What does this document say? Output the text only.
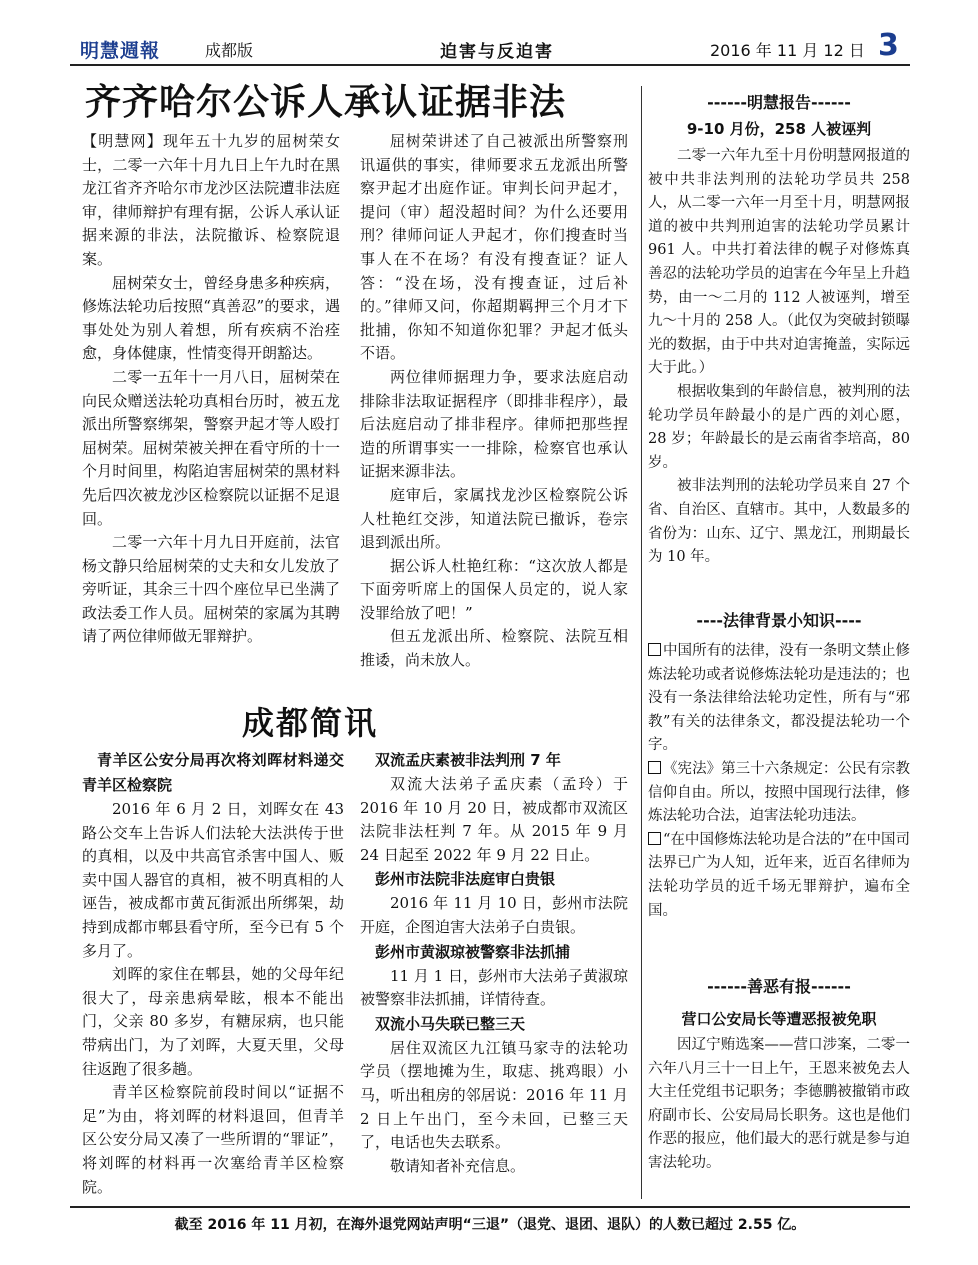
明慧週報	成都版	迫害与反迫害	2016 年 11 月 12 日 3
齐齐哈尔公诉人承认证据非法

【明慧网】现年五十九岁的屈树荣女士，二零一六年十月九日上午九时在黑龙江省齐齐哈尔市龙沙区法院遭非法庭审，律师辩护有理有据，公诉人承认证据来源的非法，法院撤诉、检察院退案。

屈树荣女士，曾经身患多种疾病，修炼法轮功后按照“真善忍”的要求，遇事处处为别人着想，所有疾病不治痊愈，身体健康，性情变得开朗豁达。

二零一五年十一月八日，屈树荣在向民众赠送法轮功真相台历时，被五龙派出所警察绑架，警察尹起才等人殴打屈树荣。屈树荣被关押在看守所的十一个月时间里，构陷迫害屈树荣的黑材料先后四次被龙沙区检察院以证据不足退回。

二零一六年十月九日开庭前，法官杨文静只给屈树荣的丈夫和女儿发放了旁听证，其余三十四个座位早已坐满了政法委工作人员。屈树荣的家属为其聘请了两位律师做无罪辩护。

屈树荣讲述了自己被派出所警察刑讯逼供的事实，律师要求五龙派出所警察尹起才出庭作证。审判长问尹起才，提问（审）超没超时间？为什么还要用刑？律师问证人尹起才，你们搜查时当事人在不在场？有没有搜查证？证人答：“没在场，没有搜查证，过后补的。”律师又问，你超期羁押三个月才下批捕，你知不知道你犯罪？尹起才低头不语。

两位律师据理力争，要求法庭启动排除非法取证据程序（即排非程序），最后法庭启动了排非程序。律师把那些捏造的所谓事实一一排除，检察官也承认证据来源非法。

庭审后，家属找龙沙区检察院公诉人杜艳红交涉，知道法院已撤诉，卷宗退到派出所。

据公诉人杜艳红称：“这次放人都是下面旁听席上的国保人员定的，说人家没罪给放了吧！”

但五龙派出所、检察院、法院互相推诿，尚未放人。

成都简讯

青羊区公安分局再次将刘晖材料递交青羊区检察院

2016 年 6 月 2 日，刘晖女在 43 路公交车上告诉人们法轮大法洪传于世的真相，以及中共高官杀害中国人、贩卖中国人器官的真相，被不明真相的人诬告，被成都市黄瓦街派出所绑架，劫持到成都市郫县看守所，至今已有 5 个多月了。

刘晖的家住在郫县，她的父母年纪很大了，母亲患病晕眩，根本不能出门，父亲 80 多岁，有糖尿病，也只能带病出门，为了刘晖，大夏天里，父母往返跑了很多趟。

青羊区检察院前段时间以“证据不足”为由，将刘晖的材料退回，但青羊区公安分局又凑了一些所谓的“罪证”，将刘晖的材料再一次塞给青羊区检察院。

双流孟庆素被非法判刑 7 年

双流大法弟子孟庆素（孟玲）于 2016 年 10 月 20 日，被成都市双流区法院非法枉判 7 年。从 2015 年 9 月 24 日起至 2022 年 9 月 22 日止。

彭州市法院非法庭审白贵银

2016 年 11 月 10 日，彭州市法院开庭，企图迫害大法弟子白贵银。

彭州市黄淑琼被警察非法抓捕

11 月 1 日，彭州市大法弟子黄淑琼被警察非法抓捕，详情待查。

双流小马失联已整三天

居住双流区九江镇马家寺的法轮功学员（摆地摊为生，取痣、挑鸡眼）小马，听出租房的邻居说：2016 年 11 月 2 日上午出门，至今未回，已整三天了，电话也失去联系。

敬请知者补充信息。

------明慧报告------
9-10 月份，258 人被诬判

二零一六年九至十月份明慧网报道的被中共非法判刑的法轮功学员共 258 人，从二零一六年一月至十月，明慧网报道的被中共判刑迫害的法轮功学员累计 961 人。中共打着法律的幌子对修炼真善忍的法轮功学员的迫害在今年呈上升趋势，由一～二月的 112 人被诬判，增至九～十月的 258 人。（此仅为突破封锁曝光的数据，由于中共对迫害掩盖，实际远大于此。）

根据收集到的年龄信息，被判刑的法轮功学员年龄最小的是广西的刘心愿，28 岁；年龄最长的是云南省李培高，80 岁。

被非法判刑的法轮功学员来自 27 个省、自治区、直辖市。其中，人数最多的省份为：山东、辽宁、黑龙江，刑期最长为 10 年。

----法律背景小知识----

中国所有的法律，没有一条明文禁止修炼法轮功或者说修炼法轮功是违法的；也没有一条法律给法轮功定性，所有与“邪教”有关的法律条文，都没提法轮功一个字。

《宪法》第三十六条规定：公民有宗教信仰自由。所以，按照中国现行法律，修炼法轮功合法，迫害法轮功违法。

“在中国修炼法轮功是合法的”在中国司法界已广为人知，近年来，近百名律师为法轮功学员的近千场无罪辩护，遍布全国。

------善恶有报------
营口公安局长等遭恶报被免职

因辽宁贿选案——营口涉案，二零一六年八月三十一日上午，王恩来被免去人大主任党组书记职务；李德鹏被撤销市政府副市长、公安局局长职务。这也是他们作恶的报应，他们最大的恶行就是参与迫害法轮功。

截至 2016 年 11 月初，在海外退党网站声明“三退”（退党、退团、退队）的人数已超过 2.55 亿。
